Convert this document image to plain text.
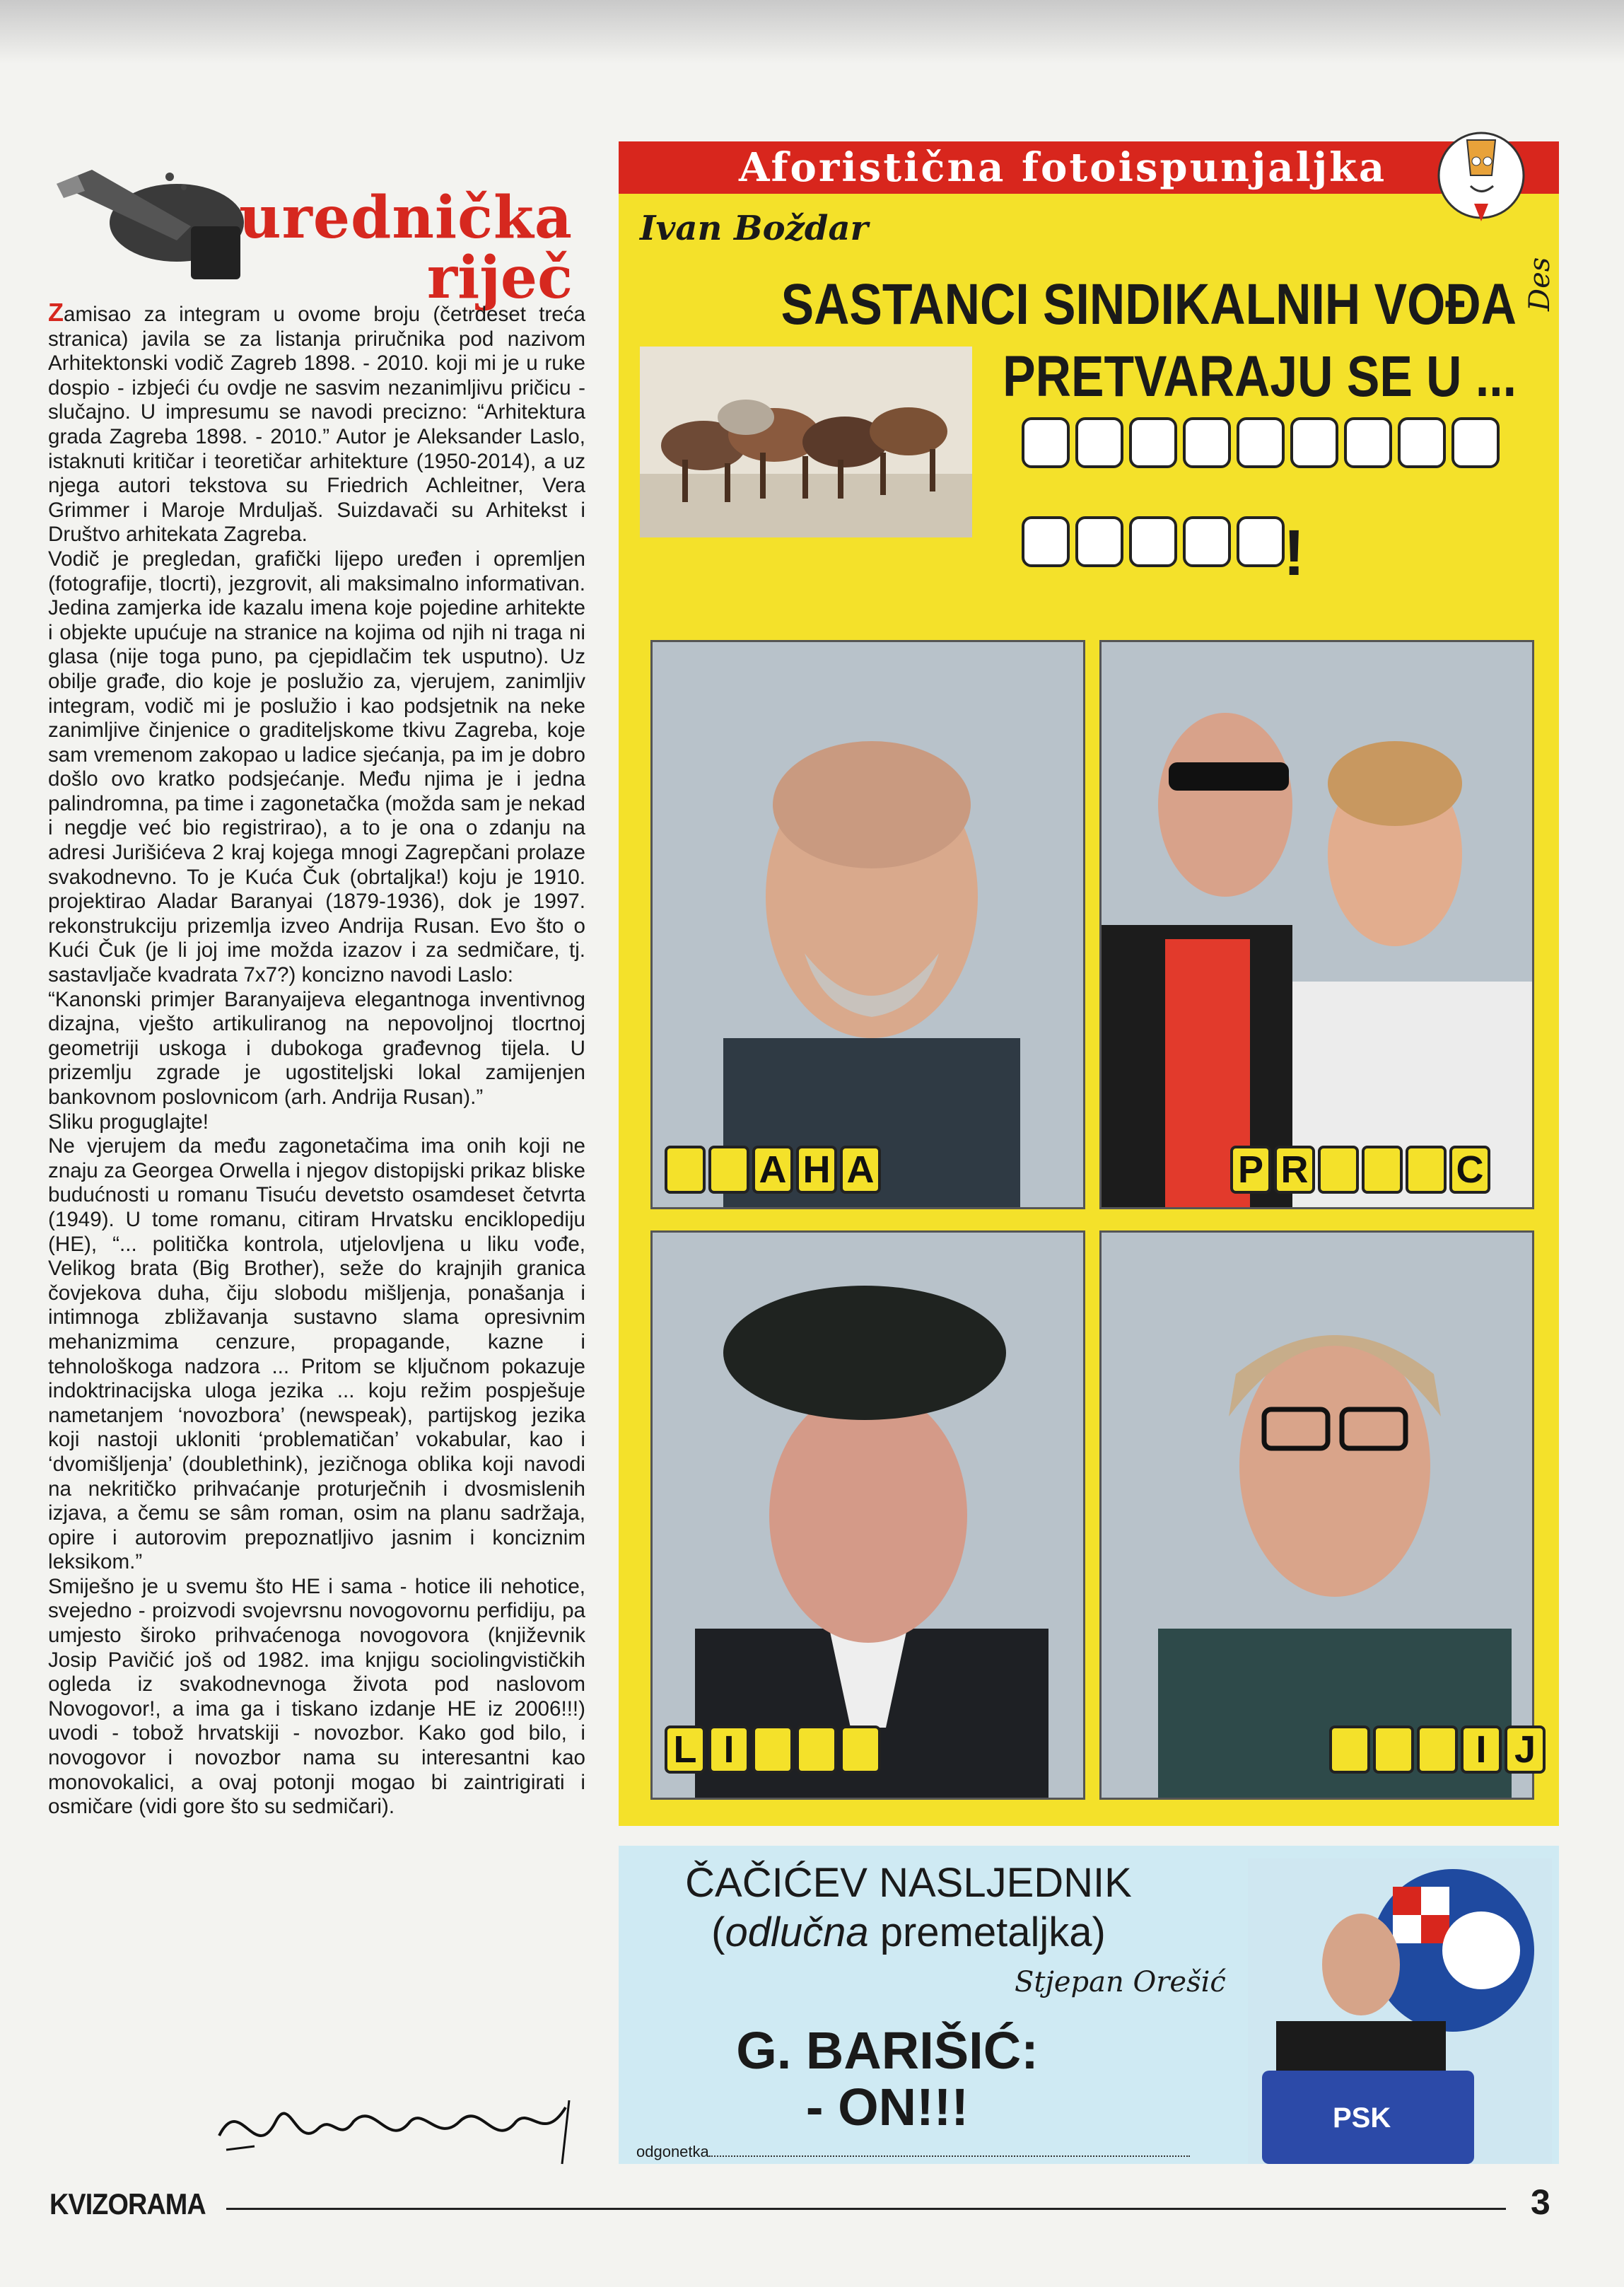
urednička
riječ

Zamisao za integram u ovome broju (četrdeset treća stranica) javila se za listanja priručnika pod nazivom Arhitektonski vodič Zagreb 1898. - 2010. koji mi je u ruke dospio - izbjeći ću ovdje ne sasvim nezanimljivu pričicu - slučajno. U impresumu se navodi precizno: “Arhitektura grada Zagreba 1898. - 2010.” Autor je Aleksander Laslo, istaknuti kritičar i teoretičar arhitekture (1950-2014), a uz njega autori tekstova su Friedrich Achleitner, Vera Grimmer i Maroje Mrduljaš. Suizdavači su Arhitekst i Društvo arhitekata Zagreba.

Vodič je pregledan, grafički lijepo uređen i opremljen (fotografije, tlocrti), jezgrovit, ali maksimalno informativan. Jedina zamjerka ide kazalu imena koje pojedine arhitekte i objekte upućuje na stranice na kojima od njih ni traga ni glasa (nije toga puno, pa cjepidlačim tek usputno). Uz obilje građe, dio koje je poslužio za, vjerujem, zanimljiv integram, vodič mi je poslužio i kao podsjetnik na neke zanimljive činjenice o graditeljskome tkivu Zagreba, koje sam vremenom zakopao u ladice sjećanja, pa im je dobro došlo ovo kratko podsjećanje. Među njima je i jedna palindromna, pa time i zagonetačka (možda sam je nekad i negdje već bio registrirao), a to je ona o zdanju na adresi Jurišićeva 2 kraj kojega mnogi Zagrepčani prolaze svakodnevno. To je Kuća Čuk (obrtaljka!) koju je 1910. projektirao Aladar Baranyai (1879-1936), dok je 1997. rekonstrukciju prizemlja izveo Andrija Rusan. Evo što o Kući Čuk (je li joj ime možda izazov i za sedmičare, tj. sastavljače kvadrata 7x7?) koncizno navodi Laslo:

“Kanonski primjer Baranyaijeva elegantnoga inventivnog dizajna, vješto artikuliranog na nepovoljnoj tlocrtnoj geometriji uskoga i dubokoga građevnog tijela. U prizemlju zgrade je ugostiteljski lokal zamijenjen bankovnom poslovnicom (arh. Andrija Rusan).”

Sliku proguglajte!

Ne vjerujem da među zagonetačima ima onih koji ne znaju za Georgea Orwella i njegov distopijski prikaz bliske budućnosti u romanu Tisuću devetsto osamdeset četvrta (1949). U tome romanu, citiram Hrvatsku enciklopediju (HE), “... politička kontrola, utjelovljena u liku vođe, Velikog brata (Big Brother), seže do krajnjih granica čovjekova duha, čiju slobodu mišljenja, ponašanja i intimnoga zbližavanja sustavno slama opresivnim mehanizmima cenzure, propagande, kazne i tehnološkoga nadzora ... Pritom se ključnom pokazuje indoktrinacijska uloga jezika ... koju režim pospješuje nametanjem ‘novozbora’ (newspeak), partijskog jezika koji nastoji ukloniti ‘problematičan’ vokabular, kao i ‘dvomišljenja’ (doublethink), jezičnoga oblika koji navodi na nekritičko prihvaćanje proturječnih i dvosmislenih izjava, a čemu se sâm roman, osim na planu sadržaja, opire i autorovim prepoznatljivo jasnim i konciznim leksikom.”

Smiješno je u svemu što HE i sama - hotice ili nehotice, svejedno - proizvodi svojevrsnu novogovornu perfidiju, pa umjesto široko prihvaćenoga novogovora (književnik Josip Pavičić još od 1982. ima knjigu sociolingvističkih ogleda iz svakodnevnoga života pod naslovom Novogovor!, a ima ga i tiskano izdanje HE iz 2006!!!) uvodi - tobož hrvatskiji - novozbor. Kako god bilo, i novogovor i novozbor nama su interesantni kao monovokalici, a ovaj potonji mogao bi zaintrigirati i osmičare (vidi gore što su sedmičari).

Aforistična fotoispunjaljka
Ivan Boždar
Des
SASTANCI SINDIKALNIH VOĐA
PRETVARAJU SE U ...
!
A H A	P R	C
L I	I J
ČAČIĆEV NASLJEDNIK
(odlučna premetaljka)
Stjepan Orešić
G. BARIŠIĆ:
- ON!!!
odgonetka
PSK
KVIZORAMA	3
